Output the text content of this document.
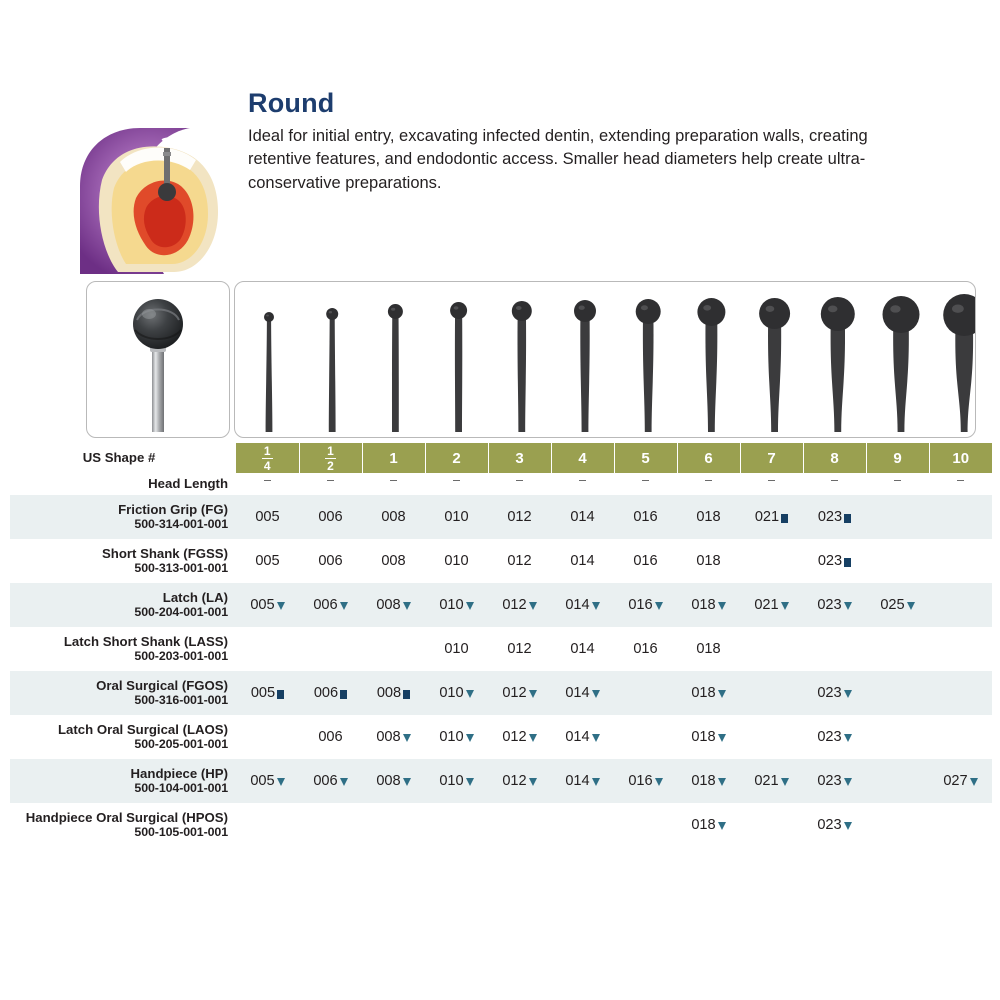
Round

Ideal for initial entry, excavating infected dentin, extending preparation walls, creating retentive features, and endodontic access. Smaller head diameters help create ultra-conservative preparations.

US Shape #	$\frac{1}{4}$	$\frac{1}{2}$	1	2	3	4	5	6	7	8	9	10
Head Length												
Friction Grip (FG)
500-314-001-001	005	006	008	010	012	014	016	018	021	023		

Short Shank (FGSS)
500-313-001-001	005	006	008	010	012	014	016	018		023		

Latch (LA)
500-204-001-001	005	006	008	010	012	014	016	018	021	023	025	

Latch Short Shank (LASS)
500-203-001-001				010	012	014	016	018				

Oral Surgical (FGOS)
500-316-001-001	005	006	008	010	012	014		018		023		

Latch Oral Surgical (LAOS)
500-205-001-001		006	008	010	012	014		018		023		

Handpiece (HP)
500-104-001-001	005	006	008	010	012	014	016	018	021	023		027

Handpiece Oral Surgical (HPOS)
500-105-001-001								018		023		
